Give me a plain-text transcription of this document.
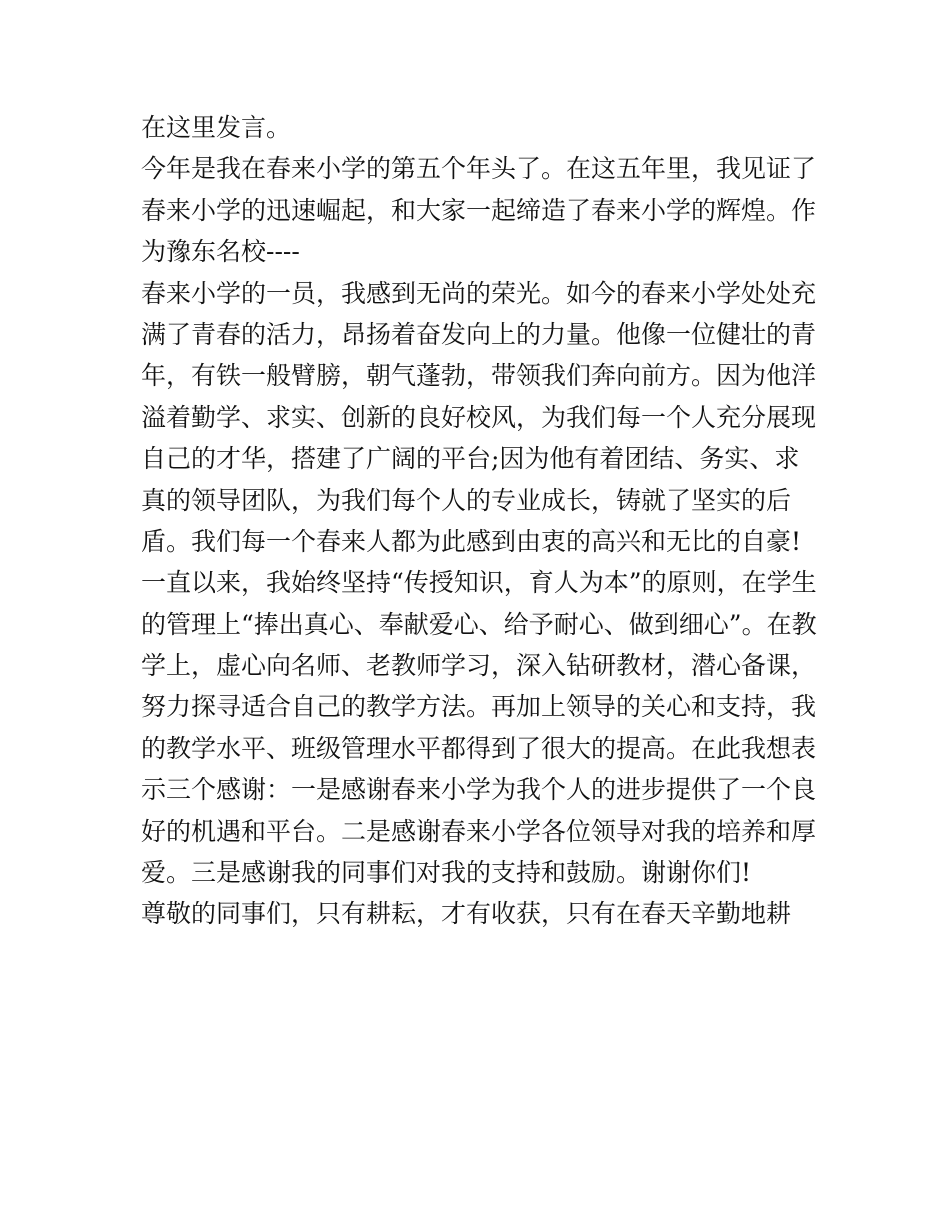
在这里发言。
今年是我在春来小学的第五个年头了。在这五年里，我见证了
春来小学的迅速崛起，和大家一起缔造了春来小学的辉煌。作
为豫东名校----
春来小学的一员，我感到无尚的荣光。如今的春来小学处处充
满了青春的活力，昂扬着奋发向上的力量。他像一位健壮的青
年，有铁一般臂膀，朝气蓬勃，带领我们奔向前方。因为他洋
溢着勤学、求实、创新的良好校风，为我们每一个人充分展现
自己的才华，搭建了广阔的平台;因为他有着团结、务实、求
真的领导团队，为我们每个人的专业成长，铸就了坚实的后
盾。我们每一个春来人都为此感到由衷的高兴和无比的自豪!
一直以来，我始终坚持“传授知识，育人为本”的原则，在学生
的管理上“捧出真心、奉献爱心、给予耐心、做到细心”。在教
学上，虚心向名师、老教师学习，深入钻研教材，潜心备课，
努力探寻适合自己的教学方法。再加上领导的关心和支持，我
的教学水平、班级管理水平都得到了很大的提高。在此我想表
示三个感谢：一是感谢春来小学为我个人的进步提供了一个良
好的机遇和平台。二是感谢春来小学各位领导对我的培养和厚
爱。三是感谢我的同事们对我的支持和鼓励。谢谢你们!
尊敬的同事们，只有耕耘，才有收获，只有在春天辛勤地耕
